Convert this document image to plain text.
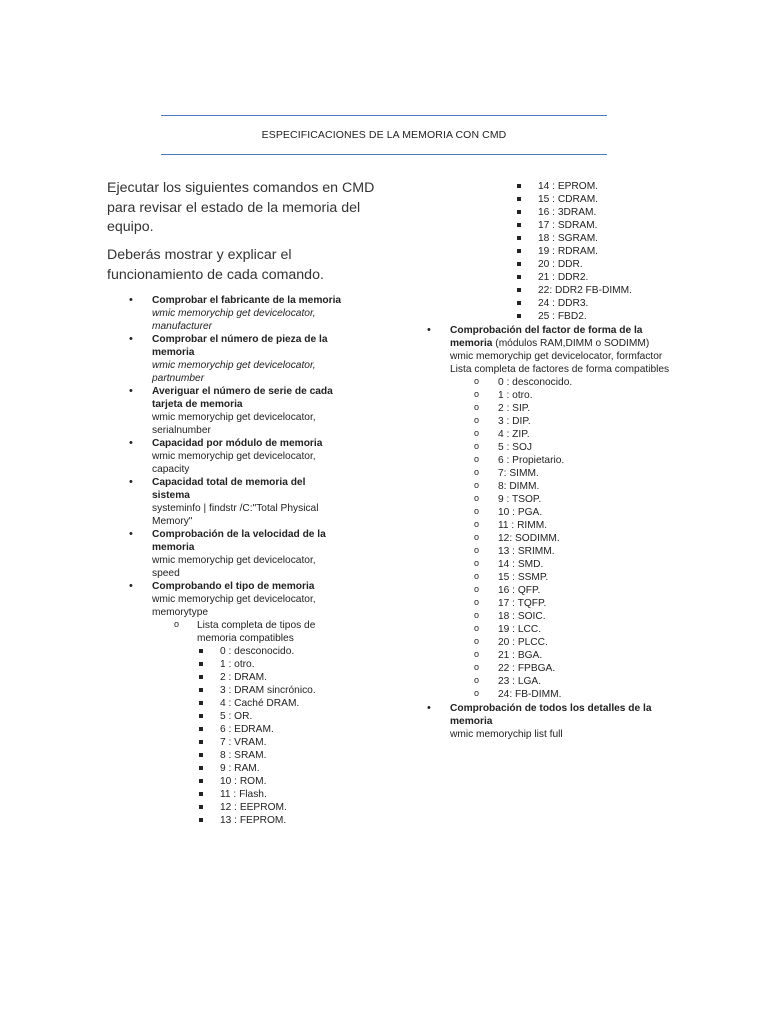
ESPECIFICACIONES DE LA MEMORIA CON CMD
Ejecutar los siguientes comandos en CMD para revisar el estado de la memoria del equipo.
Deberás mostrar y explicar el funcionamiento de cada comando.
• Comprobar el fabricante de la memoria
wmic memorychip get devicelocator, manufacturer
• Comprobar el número de pieza de la memoria
wmic memorychip get devicelocator, partnumber
• Averiguar el número de serie de cada tarjeta de memoria
wmic memorychip get devicelocator, serialnumber
• Capacidad por módulo de memoria
wmic memorychip get devicelocator, capacity
• Capacidad total de memoria del sistema
systeminfo | findstr /C:"Total Physical Memory"
• Comprobación de la velocidad de la memoria
wmic memorychip get devicelocator, speed
• Comprobando el tipo de memoria
wmic memorychip get devicelocator, memorytype
o Lista completa de tipos de memoria compatibles
0 : desconocido.
1 : otro.
2 : DRAM.
3 : DRAM sincrónico.
4 : Caché DRAM.
5 : OR.
6 : EDRAM.
7 : VRAM.
8 : SRAM.
9 : RAM.
10 : ROM.
11 : Flash.
12 : EEPROM.
13 : FEPROM.
14 : EPROM.
15 : CDRAM.
16 : 3DRAM.
17 : SDRAM.
18 : SGRAM.
19 : RDRAM.
20 : DDR.
21 : DDR2.
22: DDR2 FB-DIMM.
24 : DDR3.
25 : FBD2.
• Comprobación del factor de forma de la memoria (módulos RAM,DIMM o SODIMM)
wmic memorychip get devicelocator, formfactor
Lista completa de factores de forma compatibles
o 0 : desconocido.
o 1 : otro.
o 2 : SIP.
o 3 : DIP.
o 4 : ZIP.
o 5 : SOJ
o 6 : Propietario.
o 7: SIMM.
o 8: DIMM.
o 9 : TSOP.
o 10 : PGA.
o 11 : RIMM.
o 12: SODIMM.
o 13 : SRIMM.
o 14 : SMD.
o 15 : SSMP.
o 16 : QFP.
o 17 : TQFP.
o 18 : SOIC.
o 19 : LCC.
o 20 : PLCC.
o 21 : BGA.
o 22 : FPBGA.
o 23 : LGA.
o 24: FB-DIMM.
• Comprobación de todos los detalles de la memoria
wmic memorychip list full
